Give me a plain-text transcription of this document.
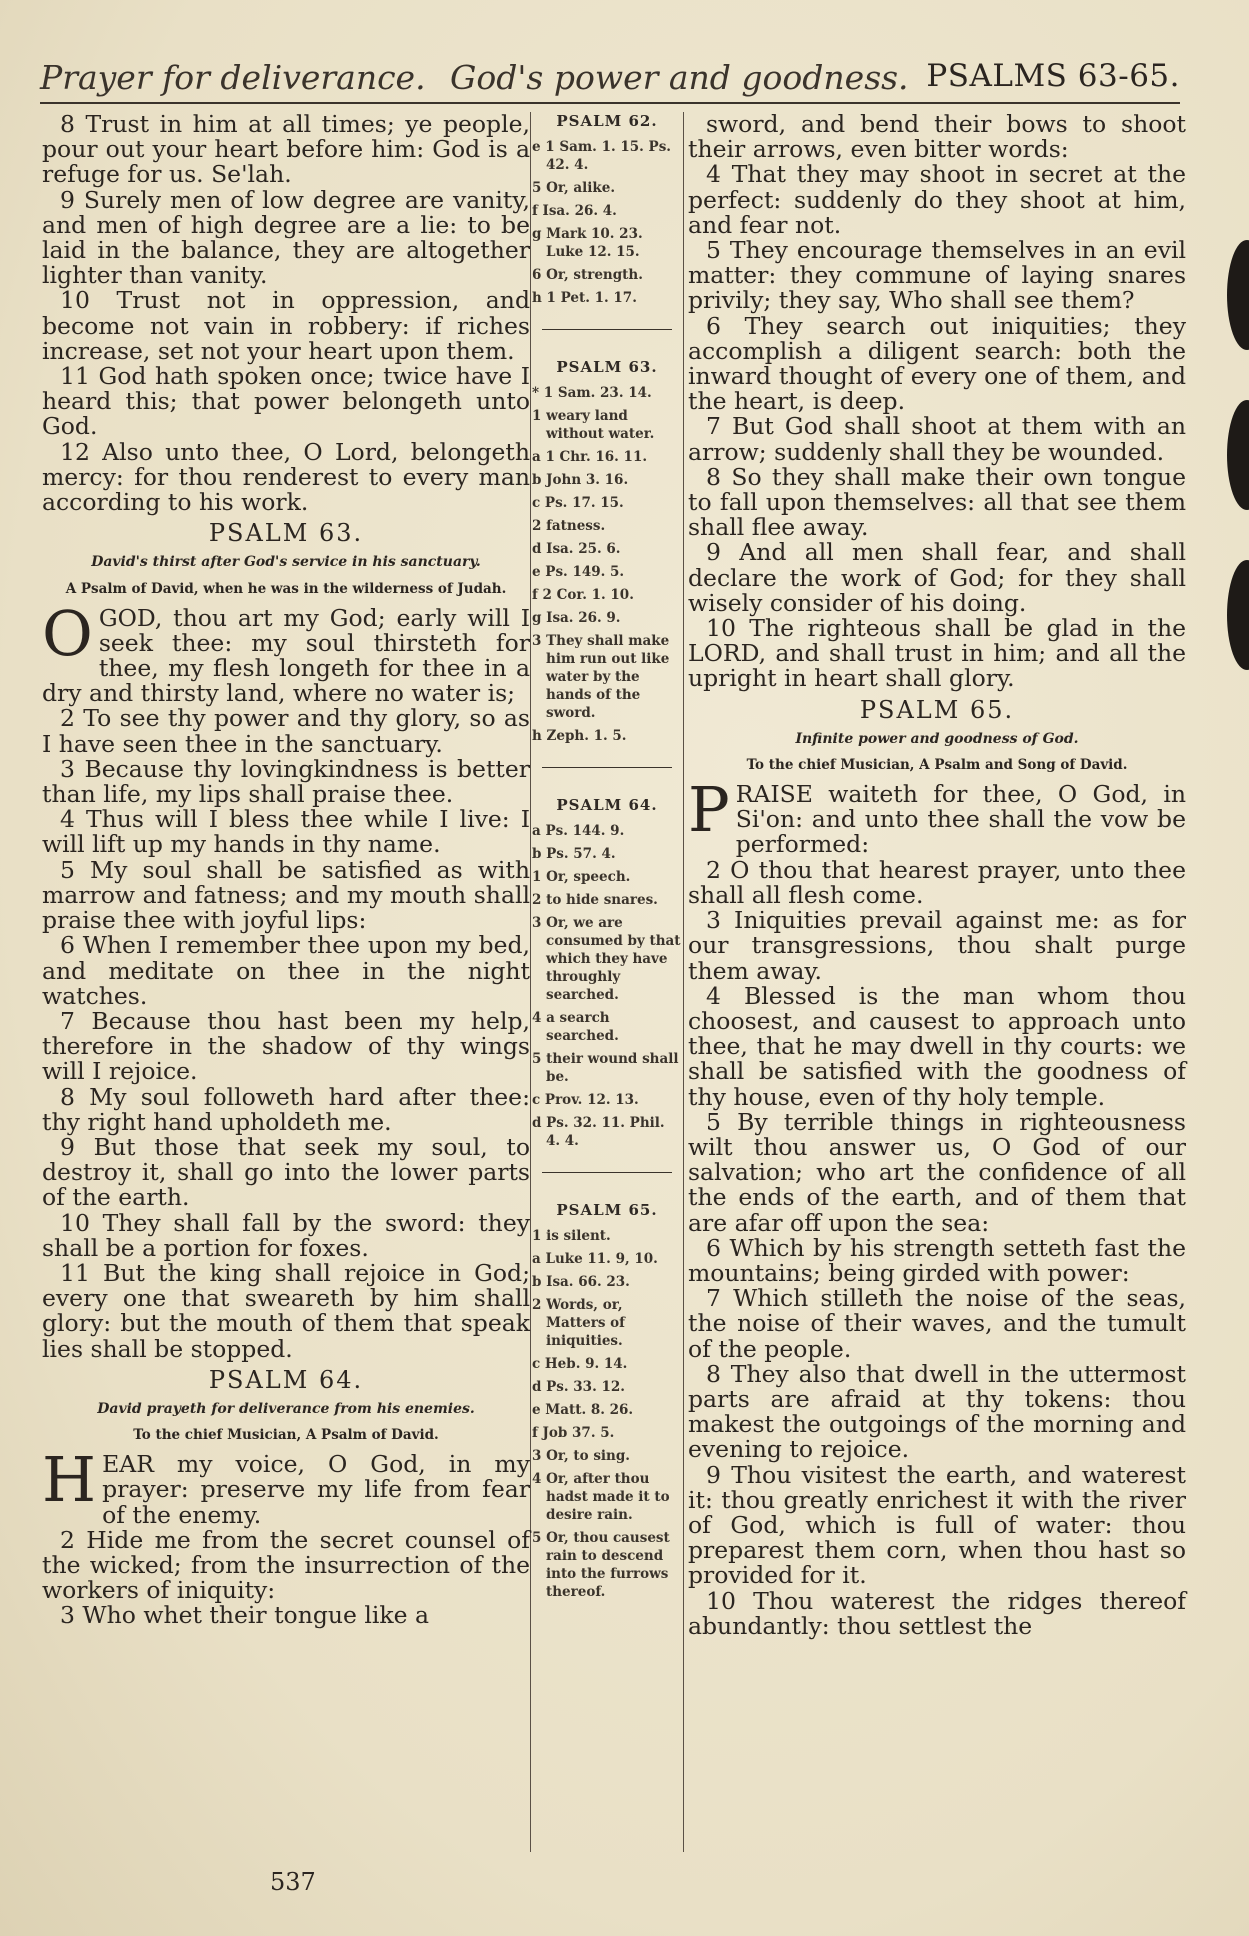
Prayer for deliverance. God's power and goodness. PSALMS 63-65.

8 Trust in him at all times; ye people, pour out your heart before him: God is a refuge for us. Se'lah.

9 Surely men of low degree are vanity, and men of high degree are a lie: to be laid in the balance, they are altogether lighter than vanity.

10 Trust not in oppression, and become not vain in robbery: if riches increase, set not your heart upon them.

11 God hath spoken once; twice have I heard this; that power belongeth unto God.

12 Also unto thee, O Lord, belongeth mercy: for thou renderest to every man according to his work.

PSALM 63.
David's thirst after God's service in his sanctuary.
A Psalm of David, when he was in the wilderness of Judah.

O GOD, thou art my God; early will I seek thee: my soul thirsteth for thee, my flesh longeth for thee in a dry and thirsty land, where no water is;

2 To see thy power and thy glory, so as I have seen thee in the sanctuary.

3 Because thy lovingkindness is better than life, my lips shall praise thee.

4 Thus will I bless thee while I live: I will lift up my hands in thy name.

5 My soul shall be satisfied as with marrow and fatness; and my mouth shall praise thee with joyful lips:

6 When I remember thee upon my bed, and meditate on thee in the night watches.

7 Because thou hast been my help, therefore in the shadow of thy wings will I rejoice.

8 My soul followeth hard after thee: thy right hand upholdeth me.

9 But those that seek my soul, to destroy it, shall go into the lower parts of the earth.

10 They shall fall by the sword: they shall be a portion for foxes.

11 But the king shall rejoice in God; every one that sweareth by him shall glory: but the mouth of them that speak lies shall be stopped.

PSALM 64.
David prayeth for deliverance from his enemies.
To the chief Musician, A Psalm of David.

H EAR my voice, O God, in my prayer: preserve my life from fear of the enemy.

2 Hide me from the secret counsel of the wicked; from the insurrection of the workers of iniquity:

3 Who whet their tongue like a

PSALM 62.
e 1 Sam. 1. 15. Ps. 42. 4.
5 Or, alike.
f Isa. 26. 4.
g Mark 10. 23. Luke 12. 15.
6 Or, strength.
h 1 Pet. 1. 17.
PSALM 63.
* 1 Sam. 23. 14.
1 weary land without water.
a 1 Chr. 16. 11.
b John 3. 16.
c Ps. 17. 15.
2 fatness.
d Isa. 25. 6.
e Ps. 149. 5.
f 2 Cor. 1. 10.
g Isa. 26. 9.
3 They shall make him run out like water by the hands of the sword.
h Zeph. 1. 5.
PSALM 64.
a Ps. 144. 9.
b Ps. 57. 4.
1 Or, speech.
2 to hide snares.
3 Or, we are consumed by that which they have throughly searched.
4 a search searched.
5 their wound shall be.
c Prov. 12. 13.
d Ps. 32. 11. Phil. 4. 4.
PSALM 65.
1 is silent.
a Luke 11. 9, 10.
b Isa. 66. 23.
2 Words, or, Matters of iniquities.
c Heb. 9. 14.
d Ps. 33. 12.
e Matt. 8. 26.
f Job 37. 5.
3 Or, to sing.
4 Or, after thou hadst made it to desire rain.
5 Or, thou causest rain to descend into the furrows thereof.

sword, and bend their bows to shoot their arrows, even bitter words:

4 That they may shoot in secret at the perfect: suddenly do they shoot at him, and fear not.

5 They encourage themselves in an evil matter: they commune of laying snares privily; they say, Who shall see them?

6 They search out iniquities; they accomplish a diligent search: both the inward thought of every one of them, and the heart, is deep.

7 But God shall shoot at them with an arrow; suddenly shall they be wounded.

8 So they shall make their own tongue to fall upon themselves: all that see them shall flee away.

9 And all men shall fear, and shall declare the work of God; for they shall wisely consider of his doing.

10 The righteous shall be glad in the LORD, and shall trust in him; and all the upright in heart shall glory.

PSALM 65.
Infinite power and goodness of God.
To the chief Musician, A Psalm and Song of David.

P RAISE waiteth for thee, O God, in Si'on: and unto thee shall the vow be performed:

2 O thou that hearest prayer, unto thee shall all flesh come.

3 Iniquities prevail against me: as for our transgressions, thou shalt purge them away.

4 Blessed is the man whom thou choosest, and causest to approach unto thee, that he may dwell in thy courts: we shall be satisfied with the goodness of thy house, even of thy holy temple.

5 By terrible things in righteousness wilt thou answer us, O God of our salvation; who art the confidence of all the ends of the earth, and of them that are afar off upon the sea:

6 Which by his strength setteth fast the mountains; being girded with power:

7 Which stilleth the noise of the seas, the noise of their waves, and the tumult of the people.

8 They also that dwell in the uttermost parts are afraid at thy tokens: thou makest the outgoings of the morning and evening to rejoice.

9 Thou visitest the earth, and waterest it: thou greatly enrichest it with the river of God, which is full of water: thou preparest them corn, when thou hast so provided for it.

10 Thou waterest the ridges thereof abundantly: thou settlest the

537
